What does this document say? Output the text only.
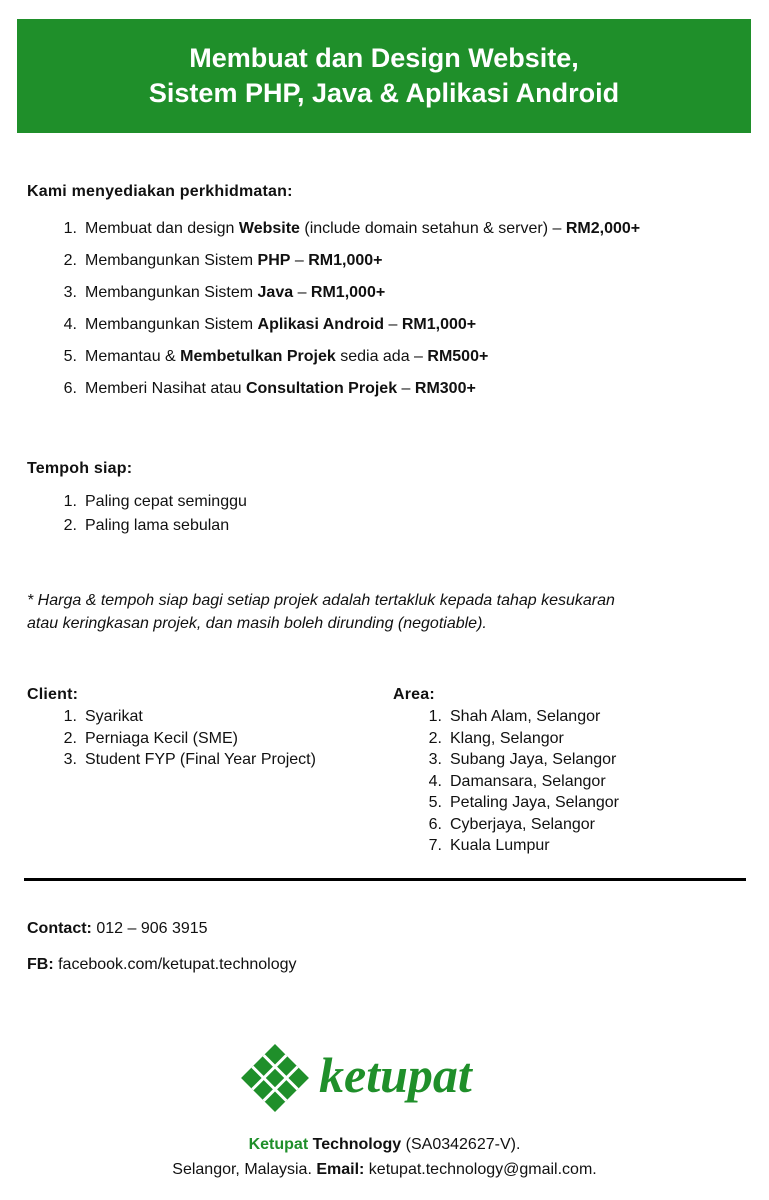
Membuat dan Design Website,
Sistem PHP, Java & Aplikasi Android
Kami menyediakan perkhidmatan:
1. Membuat dan design Website (include domain setahun & server) – RM2,000+
2. Membangunkan Sistem PHP – RM1,000+
3. Membangunkan Sistem Java – RM1,000+
4. Membangunkan Sistem Aplikasi Android – RM1,000+
5. Memantau & Membetulkan Projek sedia ada – RM500+
6. Memberi Nasihat atau Consultation Projek – RM300+
Tempoh siap:
1. Paling cepat seminggu
2. Paling lama sebulan
* Harga & tempoh siap bagi setiap projek adalah tertakluk kepada tahap kesukaran
atau keringkasan projek, dan masih boleh dirunding (negotiable).
Client:
1. Syarikat
2. Perniaga Kecil (SME)
3. Student FYP (Final Year Project)
Area:
1. Shah Alam, Selangor
2. Klang, Selangor
3. Subang Jaya, Selangor
4. Damansara, Selangor
5. Petaling Jaya, Selangor
6. Cyberjaya, Selangor
7. Kuala Lumpur
Contact: 012 – 906 3915
FB: facebook.com/ketupat.technology
ketupat
Ketupat Technology (SA0342627-V).
Selangor, Malaysia. Email: ketupat.technology@gmail.com.
